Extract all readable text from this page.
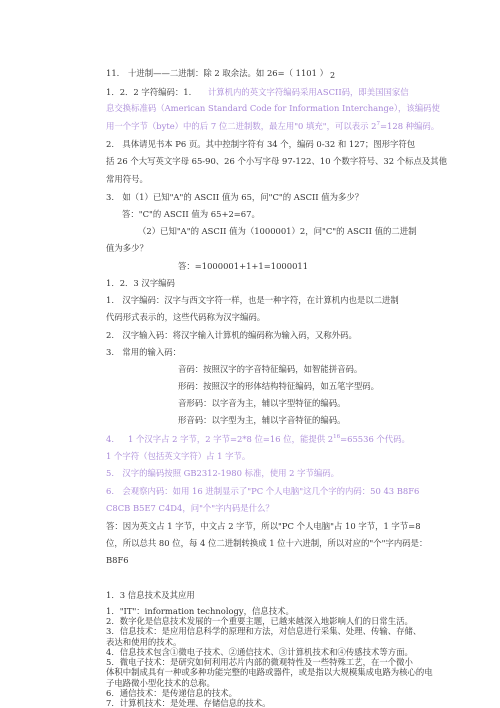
11. 十进制——二进制：除 2 取余法。如 26=（ 1101 ） 2
1．2．2 字符编码：1. 计算机内的英文字符编码采用ASCII码，即美国国家信
息交换标准码（American Standard Code for Information Interchange），该编码使
用一个字节（byte）中的后 7 位二进制数，最左用"0 填充"，可以表示 $2^7=128$ 种编码。
2.　具体请见书本 P6 页。其中控制字符有 34 个，编码 0-32 和 127；图形字符包
括 26 个大写英文字母 65-90、26 个小写字母 97-122、10 个数字符号、32 个标点及其他
常用符号。
3.　如（1）已知"A"的 ASCII 值为 65，问"C"的 ASCII 值为多少？
答："C"的 ASCII 值为 65+2=67。
（2）已知"A"的 ASCII 值为（1000001）2，问"C"的 ASCII 值的二进制
值为多少？
答：=1000001+1+1=1000011
1．2．3 汉字编码
1.　汉字编码：汉字与西文字符一样，也是一种字符，在计算机内也是以二进制
代码形式表示的，这些代码称为汉字编码。
2.　汉字输入码：将汉字输入计算机的编码称为输入码，又称外码。
3.　常用的输入码：
音码：按照汉字的字音特征编码，如智能拼音码。
形码：按照汉字的形体结构特征编码，如五笔字型码。
音形码：以字音为主，辅以字型特征的编码。
形音码：以字型为主，辅以字音特征的编码。
4. 1 个汉字占 2 字节，2 字节=2*8 位=16 位，能提供 $2^{16}=65536$ 个代码。
1 个字符（包括英文字符）占 1 字节。
5.　汉字的编码按照 GB2312-1980 标准，使用 2 字节编码。
6.　会观察内码：如用 16 进制显示了"PC 个人电脑"这几个字的内码：50 43 B8F6
C8CB B5E7 C4D4，问"个"字内码是什么？
答：因为英文占 1 字节，中文占 2 字节，所以"PC 个人电脑"占 10 字节，1 字节=8
位，所以总共 80 位，每 4 位二进制转换成 1 位十六进制，所以对应的"个"字内码是：
B8F6
1．3 信息技术及其应用
1．"IT"：information technology，信息技术。
2．数字化是信息技术发展的一个重要主题，已越来越深入地影响人们的日常生活。
3．信息技术：是应用信息科学的原理和方法，对信息进行采集、处理、传输、存储、
表达和使用的技术。
4．信息技术包含①微电子技术、②通信技术、③计算机技术和④传感技术等方面。
5．微电子技术：是研究如何利用芯片内部的微观特性及一些特殊工艺，在一个微小
体积中制成具有一种或多种功能完整的电路或器件，或是指以大规模集成电路为核心的电
子电路微小型化技术的总称。
6．通信技术：是传递信息的技术。
7．计算机技术：是处理、存储信息的技术。
